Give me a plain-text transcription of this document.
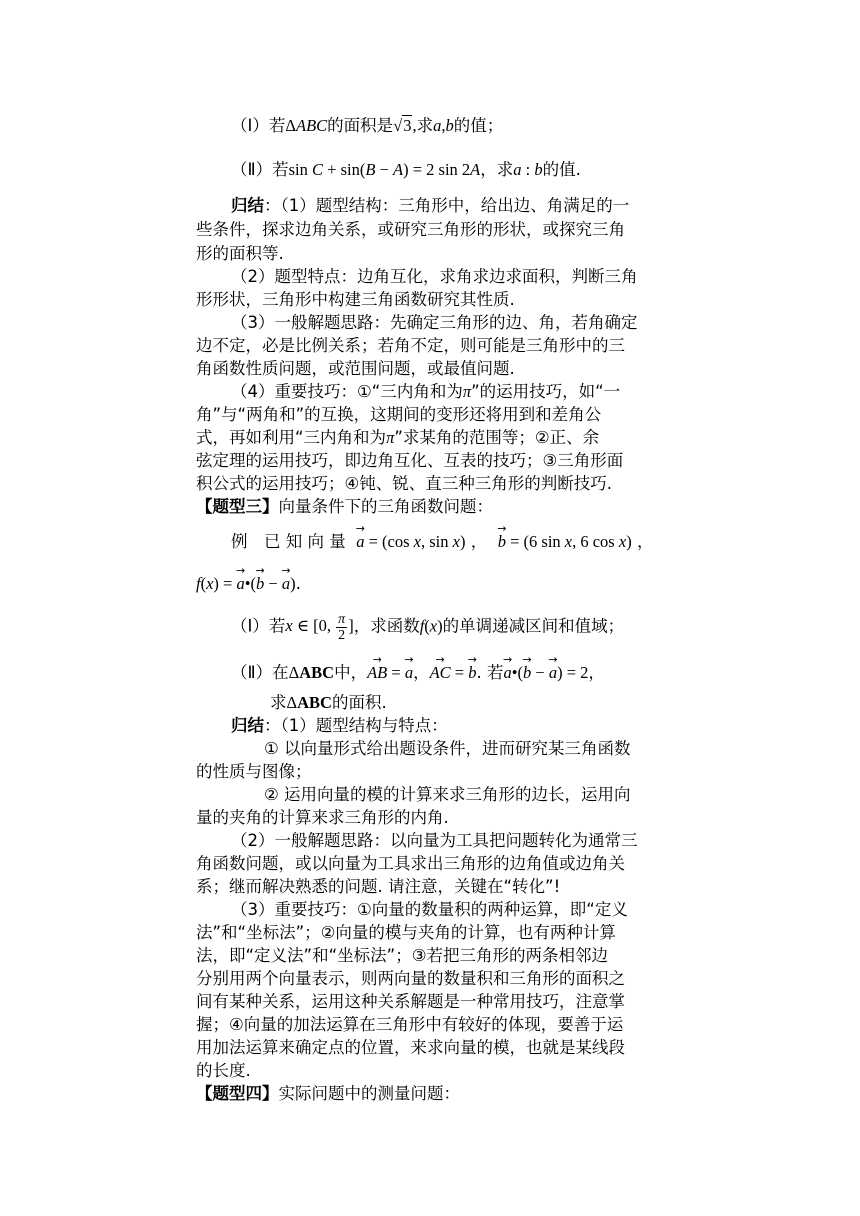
（Ⅰ）若ΔABC的面积是√3,求a,b的值；
（Ⅱ）若sin C + sin(B − A) = 2 sin 2A，求a : b的值.
归结：（1）题型结构：三角形中，给出边、角满足的一
些条件，探求边角关系，或研究三角形的形状，或探究三角
形的面积等.
（2）题型特点：边角互化，求角求边求面积，判断三角
形形状，三角形中构建三角函数研究其性质.
（3）一般解题思路：先确定三角形的边、角，若角确定
边不定，必是比例关系；若角不定，则可能是三角形中的三
角函数性质问题，或范围问题，或最值问题.
（4）重要技巧：①“三内角和为π”的运用技巧，如“一
角”与“两角和”的互换，这期间的变形还将用到和差角公
式，再如利用“三内角和为π”求某角的范围等；②正、余
弦定理的运用技巧，即边角互化、互表的技巧；③三角形面
积公式的运用技巧；④钝、锐、直三种三角形的判断技巧.
【题型三】向量条件下的三角函数问题：
例　已 知 向 量 → a = (cos x, sin x) ， → b = (6 sin x, 6 cos x) ，
f(x) = → a•(→ b − → a).
（Ⅰ）若x ∈ [0, $\frac{\pi}{2}$ ]，求函数f(x)的单调递减区间和值域；
（Ⅱ）在ΔABC中，→ AB = → a，→ AC = → b. 若→ a•(→ b − → a) = 2，
求ΔABC的面积.
归结：（1）题型结构与特点：
① 以向量形式给出题设条件，进而研究某三角函数
的性质与图像；
② 运用向量的模的计算来求三角形的边长，运用向
量的夹角的计算来求三角形的内角.
（2）一般解题思路：以向量为工具把问题转化为通常三
角函数问题，或以向量为工具求出三角形的边角值或边角关
系；继而解决熟悉的问题. 请注意，关键在“转化”!
（3）重要技巧：①向量的数量积的两种运算，即“定义
法”和“坐标法”；②向量的模与夹角的计算，也有两种计算
法，即“定义法”和“坐标法”；③若把三角形的两条相邻边
分别用两个向量表示，则两向量的数量积和三角形的面积之
间有某种关系，运用这种关系解题是一种常用技巧，注意掌
握；④向量的加法运算在三角形中有较好的体现，要善于运
用加法运算来确定点的位置，来求向量的模，也就是某线段
的长度.
【题型四】实际问题中的测量问题：
